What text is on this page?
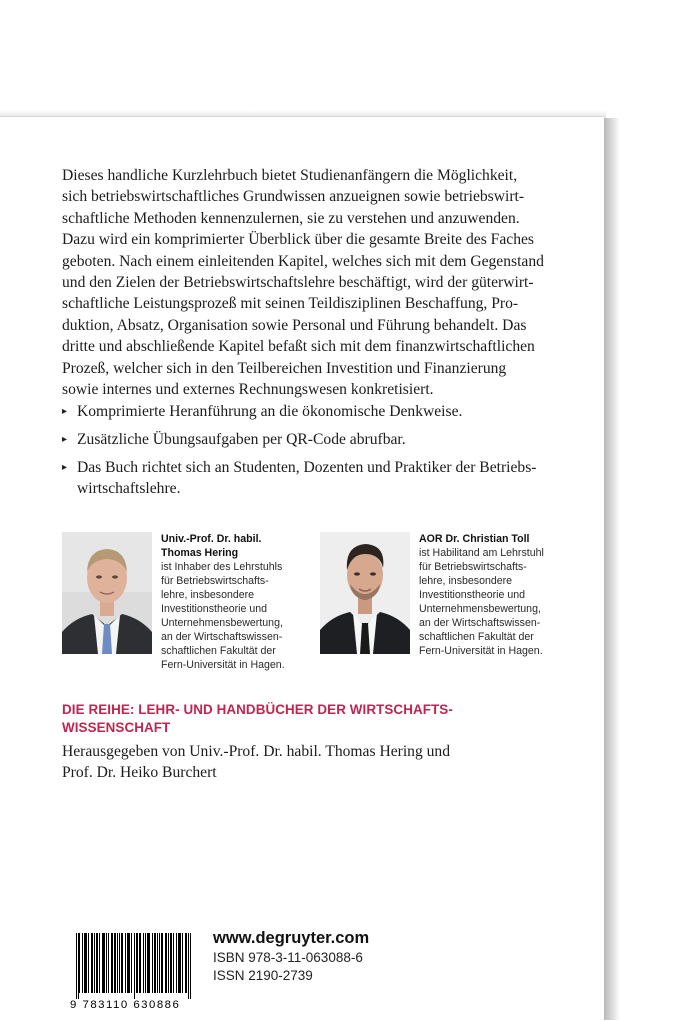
Dieses handliche Kurzlehrbuch bietet Studienanfängern die Möglichkeit,
sich betriebswirtschaftliches Grundwissen anzueignen sowie betriebswirt-
schaftliche Methoden kennenzulernen, sie zu verstehen und anzuwenden.
Dazu wird ein komprimierter Überblick über die gesamte Breite des Faches
geboten. Nach einem einleitenden Kapitel, welches sich mit dem Gegenstand
und den Zielen der Betriebswirtschaftslehre beschäftigt, wird der güterwirt-
schaftliche Leistungsprozeß mit seinen Teildisziplinen Beschaffung, Pro-
duktion, Absatz, Organisation sowie Personal und Führung behandelt. Das
dritte und abschließende Kapitel befaßt sich mit dem finanzwirtschaftlichen
Prozeß, welcher sich in den Teilbereichen Investition und Finanzierung
sowie internes und externes Rechnungswesen konkretisiert.

▸ Komprimierte Heranführung an die ökonomische Denkweise.
▸ Zusätzliche Übungsaufgaben per QR-Code abrufbar.
▸ Das Buch richtet sich an Studenten, Dozenten und Praktiker der Betriebs-
wirtschaftslehre.
Univ.-Prof. Dr. habil.
Thomas Hering
ist Inhaber des Lehrstuhls
für Betriebswirtschafts-
lehre, insbesondere
Investitionstheorie und
Unternehmensbewertung,
an der Wirtschaftswissen-
schaftlichen Fakultät der
Fern-Universität in Hagen.
AOR Dr. Christian Toll
ist Habilitand am Lehrstuhl
für Betriebswirtschafts-
lehre, insbesondere
Investitionstheorie und
Unternehmensbewertung,
an der Wirtschaftswissen-
schaftlichen Fakultät der
Fern-Universität in Hagen.

DIE REIHE: LEHR- UND HANDBÜCHER DER WIRTSCHAFTS-
WISSENSCHAFT

Herausgegeben von Univ.-Prof. Dr. habil. Thomas Hering und
Prof. Dr. Heiko Burchert

9 783110 630886
www.degruyter.com
ISBN 978-3-11-063088-6
ISSN 2190-2739
